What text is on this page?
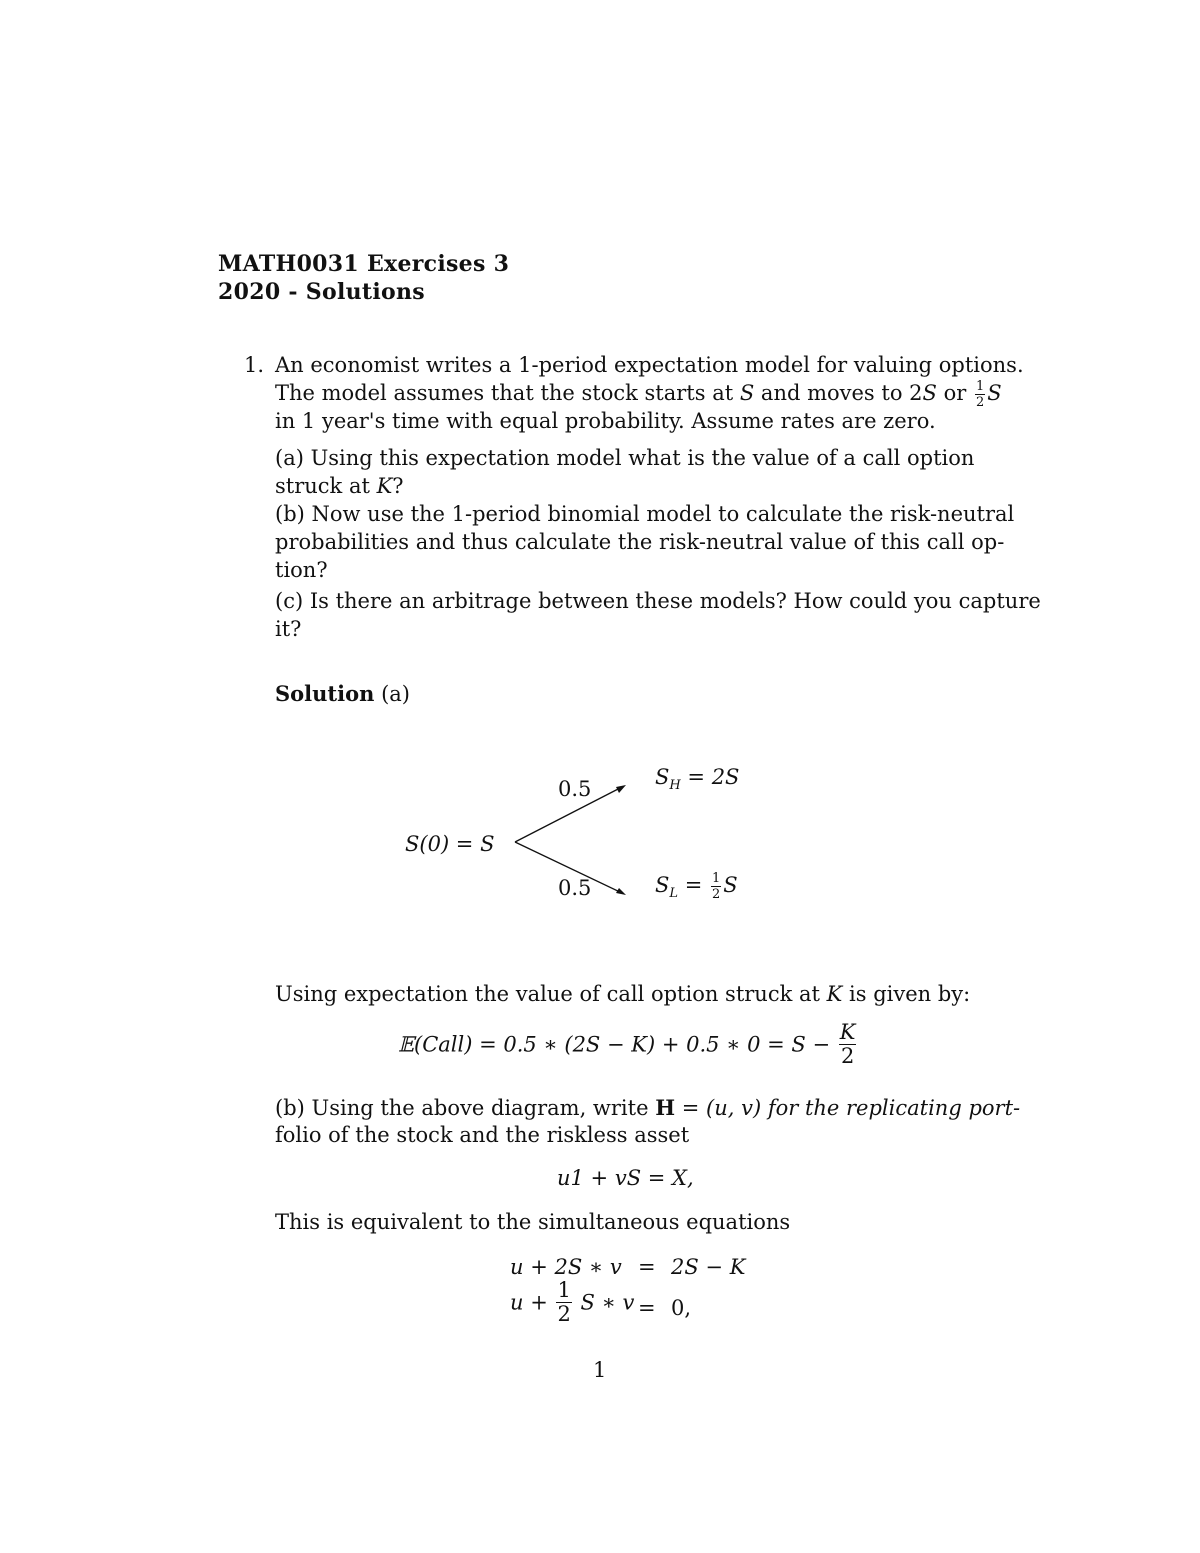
MATH0031 Exercises 3
2020 - Solutions
1. An economist writes a 1-period expectation model for valuing options.
The model assumes that the stock starts at S and moves to 2S or $\frac{1}{2}$ S
in 1 year's time with equal probability. Assume rates are zero.
(a) Using this expectation model what is the value of a call option
struck at K?
(b) Now use the 1-period binomial model to calculate the risk-neutral
probabilities and thus calculate the risk-neutral value of this call op-
tion?
(c) Is there an arbitrage between these models? How could you capture
it?
Solution (a)
S(0) = S
0.5
0.5
$S_H = 2S$
$S_L = \frac{1}{2}$ S
Using expectation the value of call option struck at K is given by:
𝔼(Call) = 0.5 ∗ (2S − K) + 0.5 ∗ $0 = S - \frac{K}{2}$
(b) Using the above diagram, write H = (u, v) for the replicating port-
folio of the stock and the riskless asset
u1 + vS = X,
This is equivalent to the simultaneous equations
u + 2S ∗ v = 2S − K
$u + \frac{1}{2}$ S ∗ v = 0,
1
